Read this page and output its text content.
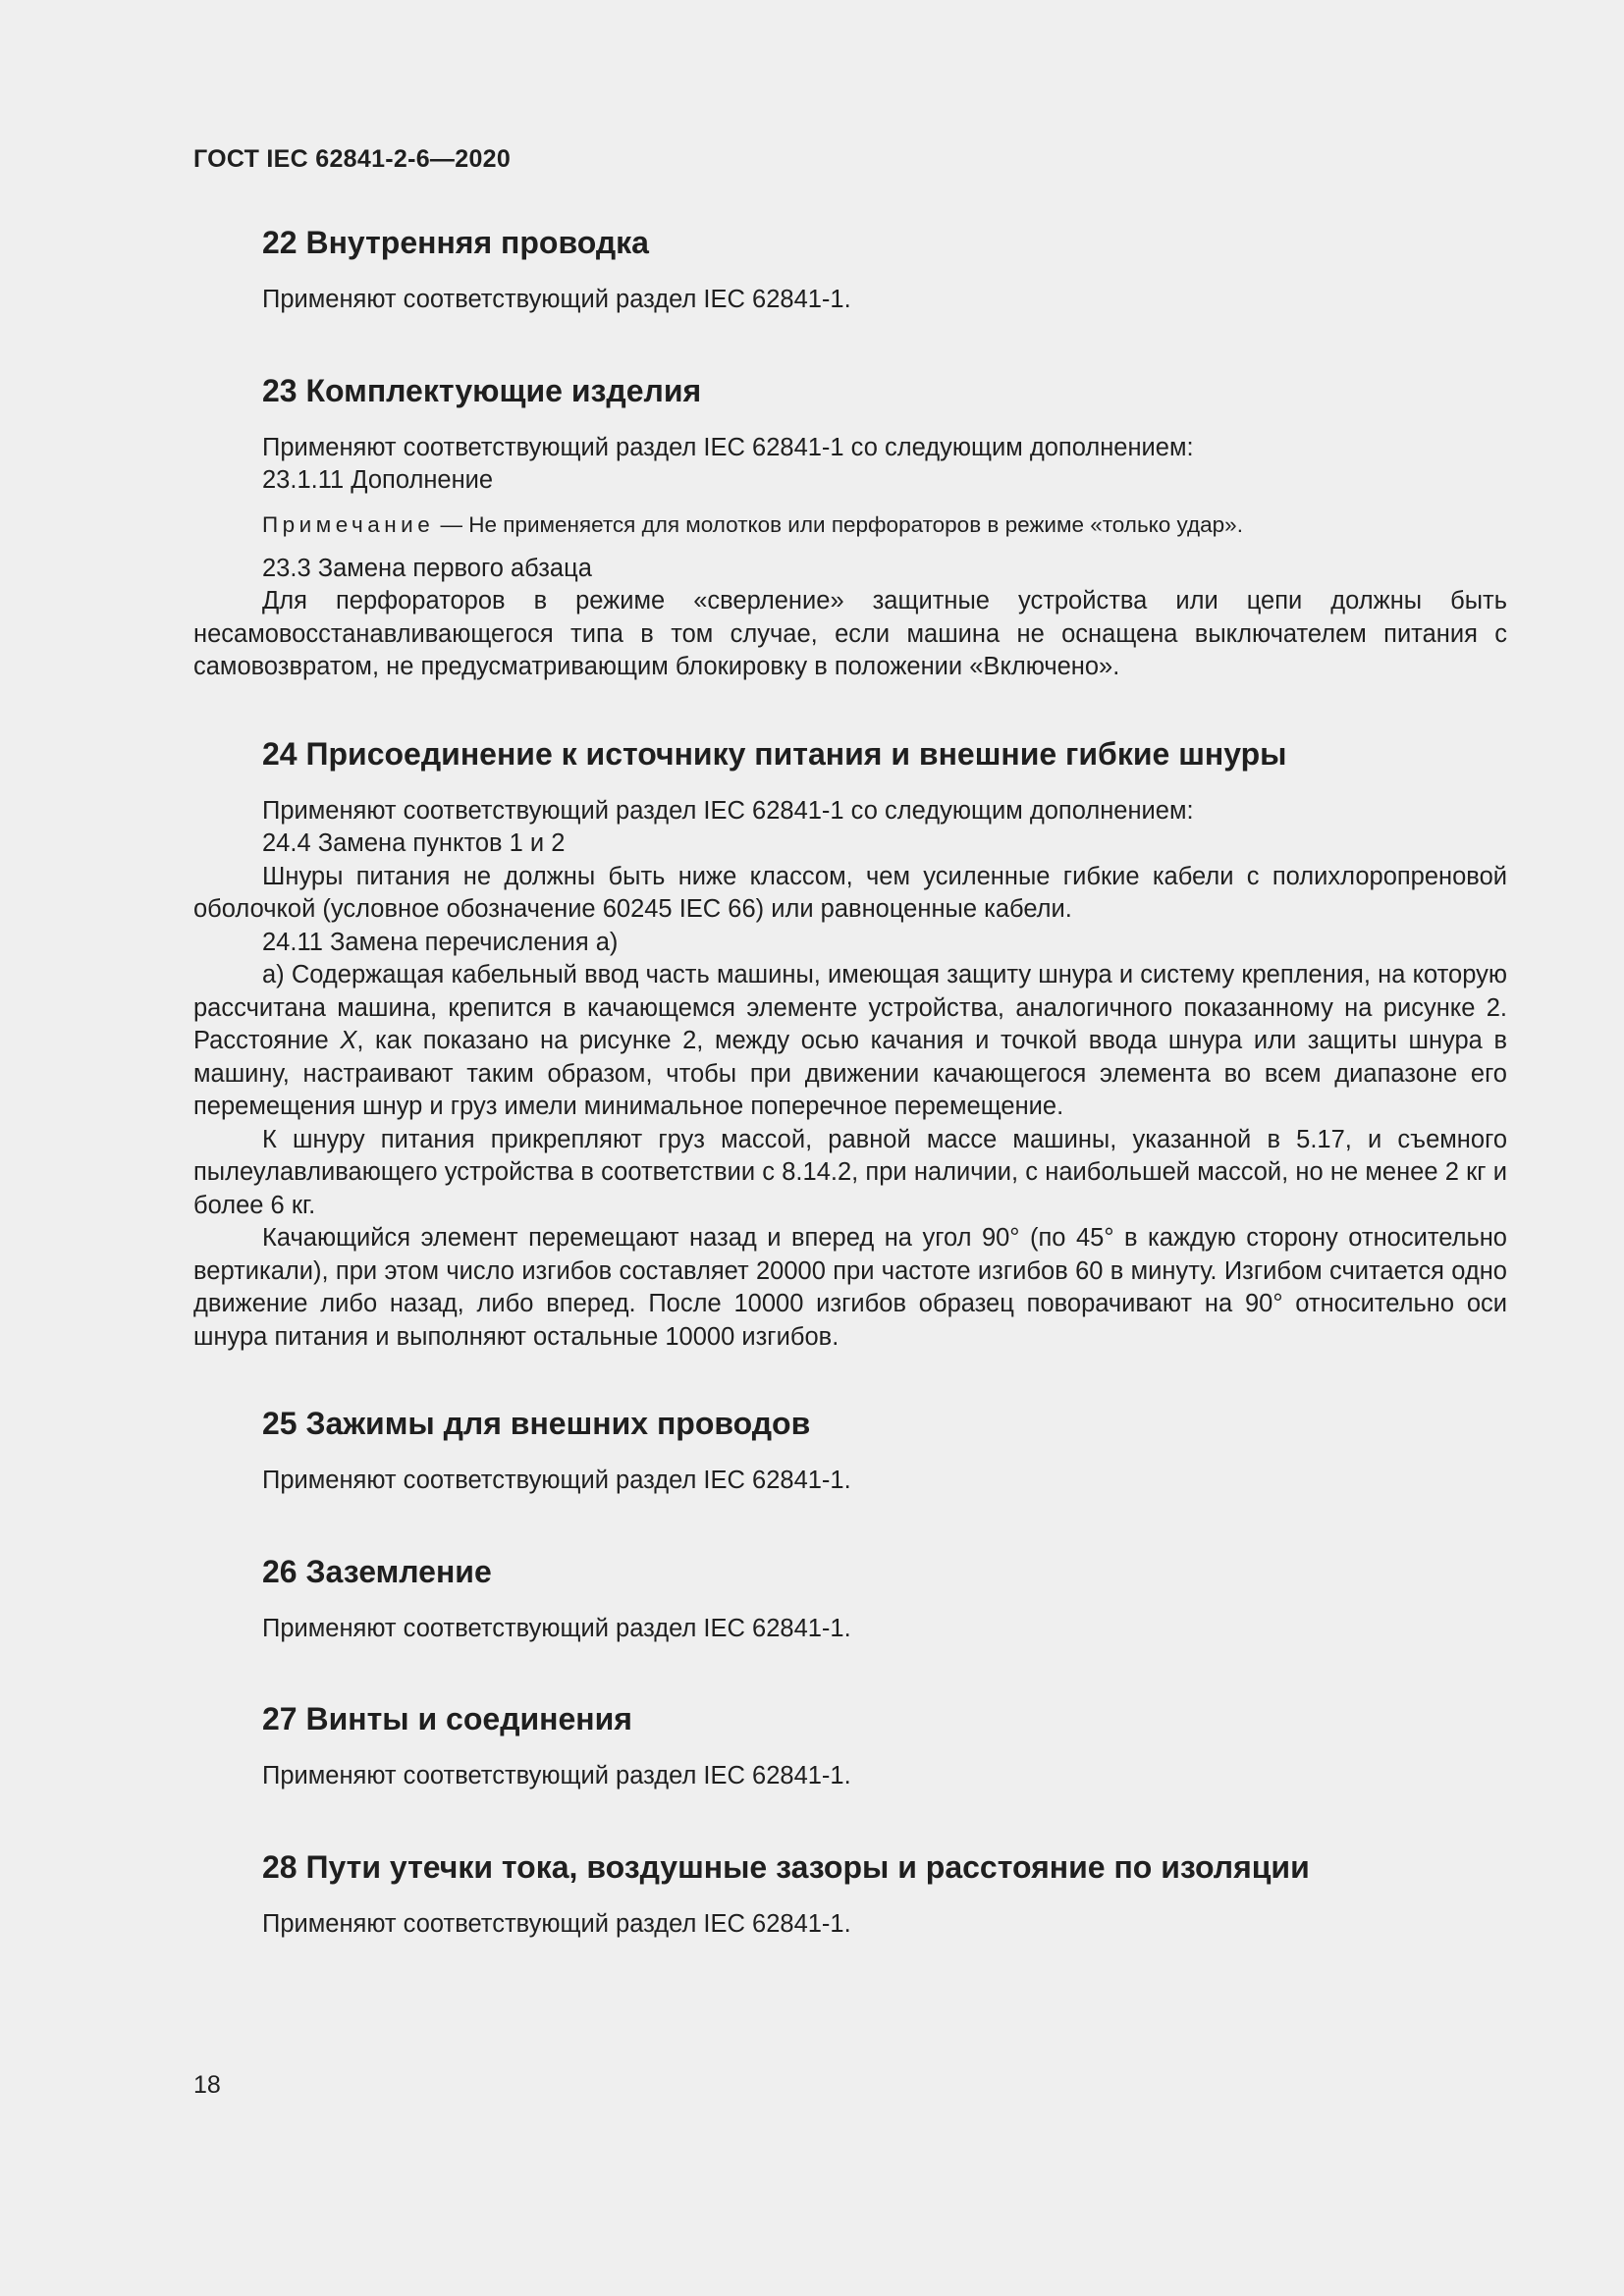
ГОСТ IEC 62841-2-6—2020
22 Внутренняя проводка

Применяют соответствующий раздел IEC 62841-1.

23 Комплектующие изделия

Применяют соответствующий раздел IEC 62841-1 со следующим дополнением:

23.1.11 Дополнение

Примечание — Не применяется для молотков или перфораторов в режиме «только удар».

23.3 Замена первого абзаца

Для перфораторов в режиме «сверление» защитные устройства или цепи должны быть несамовосстанавливающегося типа в том случае, если машина не оснащена выключателем питания с самовозвратом, не предусматривающим блокировку в положении «Включено».

24 Присоединение к источнику питания и внешние гибкие шнуры

Применяют соответствующий раздел IEC 62841-1 со следующим дополнением:

24.4 Замена пунктов 1 и 2

Шнуры питания не должны быть ниже классом, чем усиленные гибкие кабели с полихлоропреновой оболочкой (условное обозначение 60245 IEC 66) или равноценные кабели.

24.11 Замена перечисления а)

а) Содержащая кабельный ввод часть машины, имеющая защиту шнура и систему крепления, на которую рассчитана машина, крепится в качающемся элементе устройства, аналогичного показанному на рисунке 2. Расстояние X, как показано на рисунке 2, между осью качания и точкой ввода шнура или защиты шнура в машину, настраивают таким образом, чтобы при движении качающегося элемента во всем диапазоне его перемещения шнур и груз имели минимальное поперечное перемещение.

К шнуру питания прикрепляют груз массой, равной массе машины, указанной в 5.17, и съемного пылеулавливающего устройства в соответствии с 8.14.2, при наличии, с наибольшей массой, но не менее 2 кг и более 6 кг.

Качающийся элемент перемещают назад и вперед на угол 90° (по 45° в каждую сторону относительно вертикали), при этом число изгибов составляет 20000 при частоте изгибов 60 в минуту. Изгибом считается одно движение либо назад, либо вперед. После 10000 изгибов образец поворачивают на 90° относительно оси шнура питания и выполняют остальные 10000 изгибов.

25 Зажимы для внешних проводов

Применяют соответствующий раздел IEC 62841-1.

26 Заземление

Применяют соответствующий раздел IEC 62841-1.

27 Винты и соединения

Применяют соответствующий раздел IEC 62841-1.

28 Пути утечки тока, воздушные зазоры и расстояние по изоляции

Применяют соответствующий раздел IEC 62841-1.

18
